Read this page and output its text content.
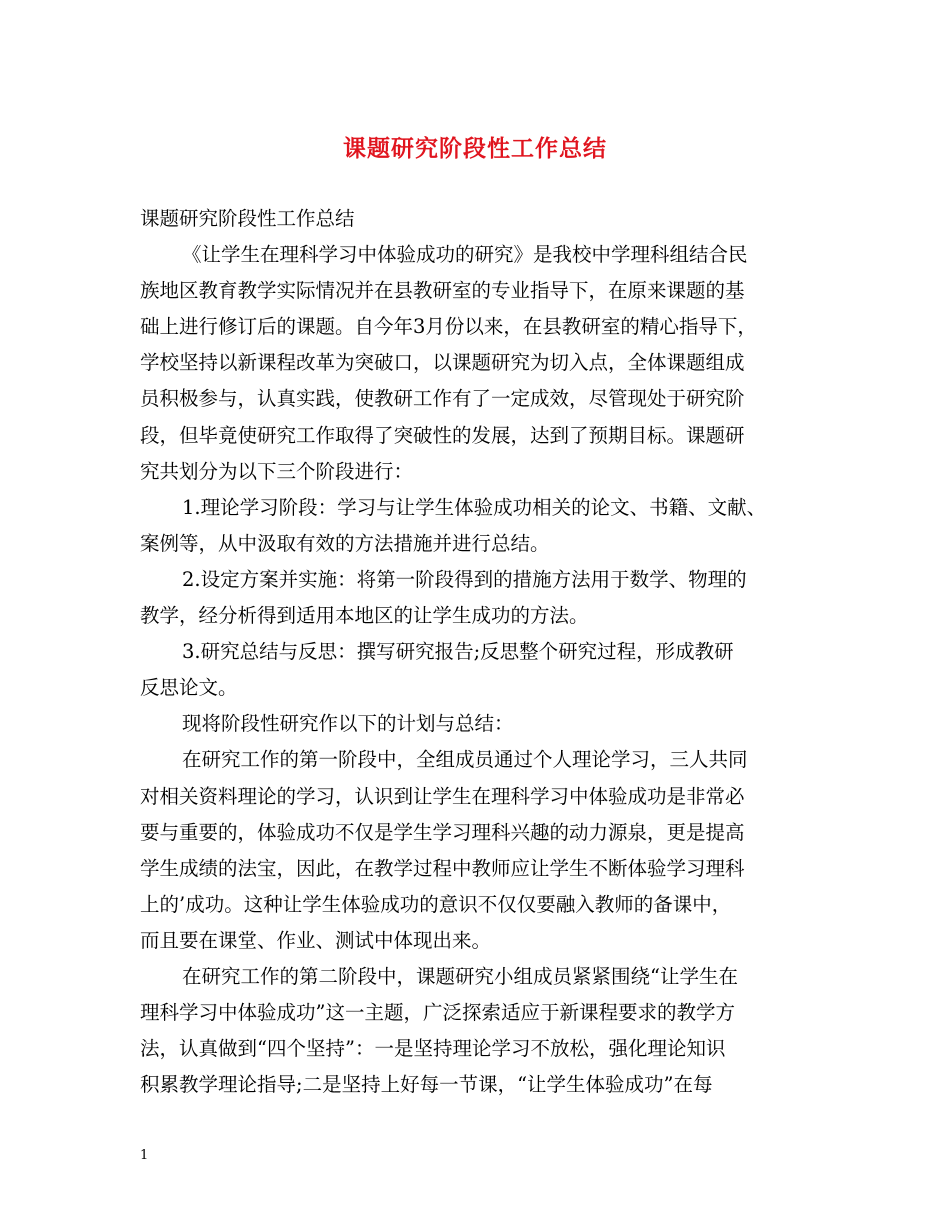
课题研究阶段性工作总结
课题研究阶段性工作总结
《让学生在理科学习中体验成功的研究》是我校中学理科组结合民
族地区教育教学实际情况并在县教研室的专业指导下，在原来课题的基
础上进行修订后的课题。自今年3月份以来，在县教研室的精心指导下，
学校坚持以新课程改革为突破口，以课题研究为切入点，全体课题组成
员积极参与，认真实践，使教研工作有了一定成效，尽管现处于研究阶
段，但毕竟使研究工作取得了突破性的发展，达到了预期目标。课题研
究共划分为以下三个阶段进行：
1.理论学习阶段：学习与让学生体验成功相关的论文、书籍、文献、
案例等，从中汲取有效的方法措施并进行总结。
2.设定方案并实施：将第一阶段得到的措施方法用于数学、物理的
教学，经分析得到适用本地区的让学生成功的方法。
3.研究总结与反思：撰写研究报告;反思整个研究过程，形成教研
反思论文。
现将阶段性研究作以下的计划与总结：
在研究工作的第一阶段中，全组成员通过个人理论学习，三人共同
对相关资料理论的学习，认识到让学生在理科学习中体验成功是非常必
要与重要的，体验成功不仅是学生学习理科兴趣的动力源泉，更是提高
学生成绩的法宝，因此，在教学过程中教师应让学生不断体验学习理科
上的’成功。这种让学生体验成功的意识不仅仅要融入教师的备课中，
而且要在课堂、作业、测试中体现出来。
在研究工作的第二阶段中，课题研究小组成员紧紧围绕“让学生在
理科学习中体验成功”这一主题，广泛探索适应于新课程要求的教学方
法，认真做到“四个坚持”：一是坚持理论学习不放松，强化理论知识
积累教学理论指导;二是坚持上好每一节课，“让学生体验成功”在每
1
